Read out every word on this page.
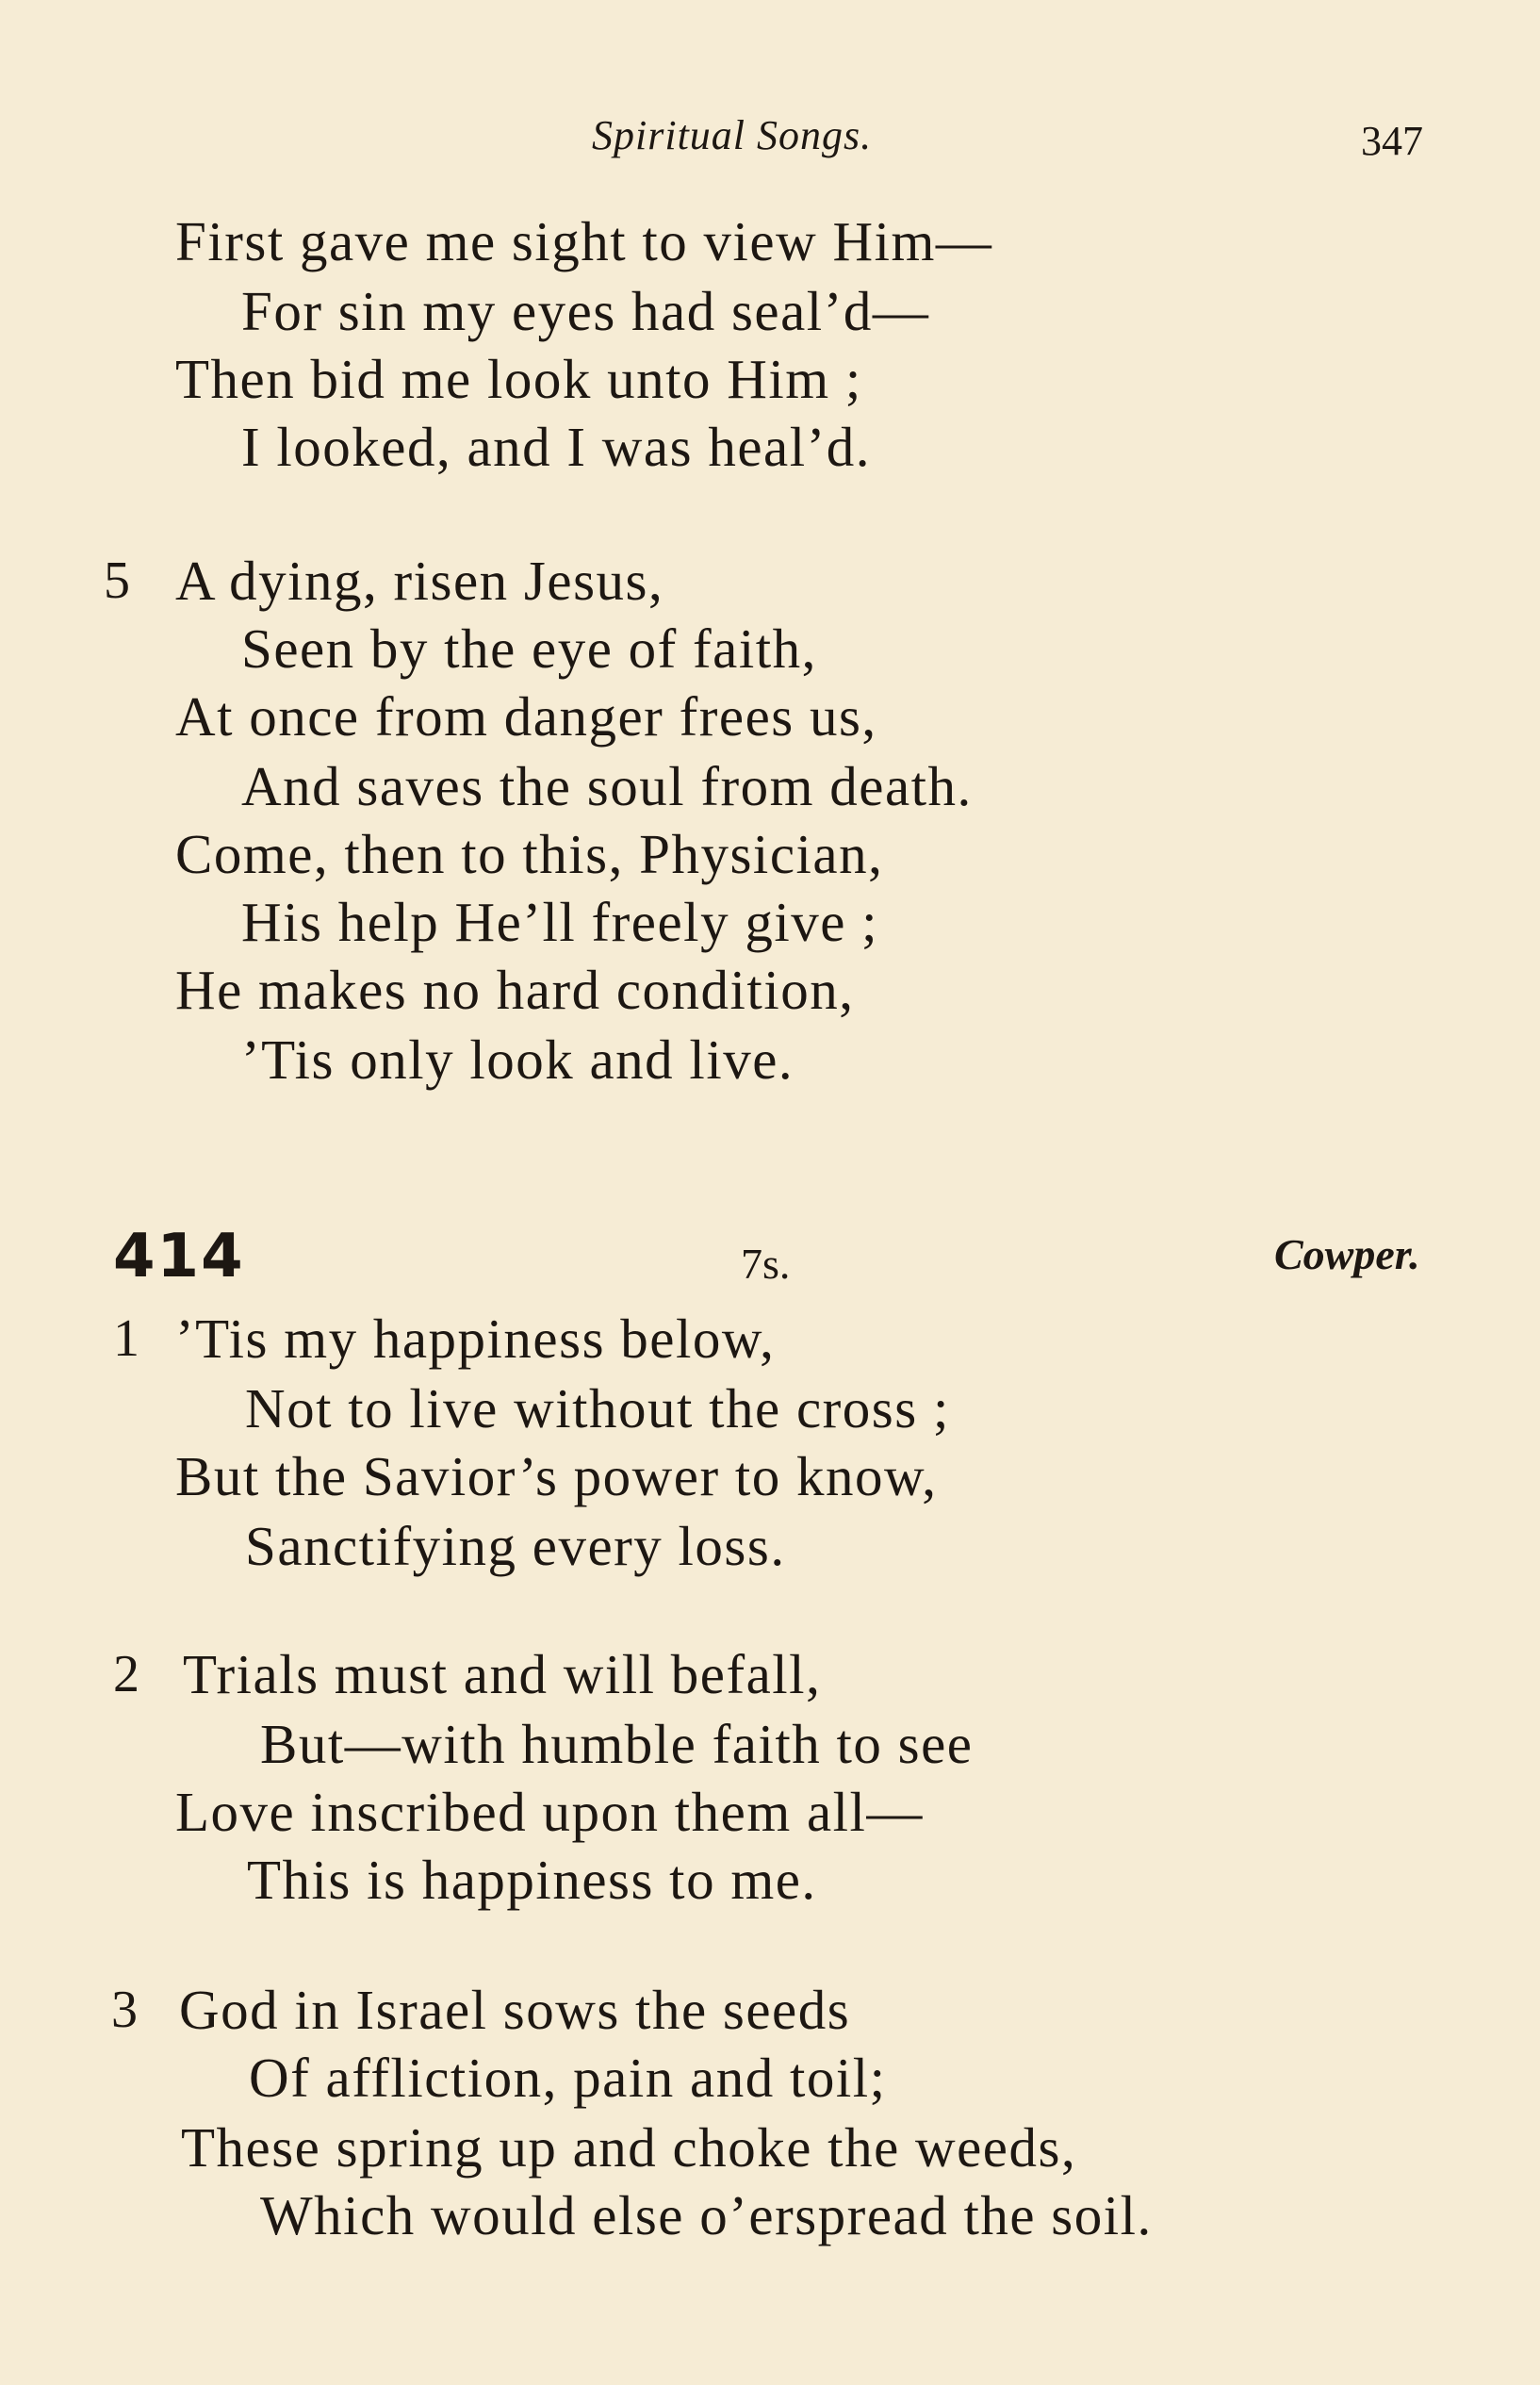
Spiritual Songs.	347
First gave me sight to view Him—
For sin my eyes had seal’d—
Then bid me look unto Him ;
I looked, and I was heal’d.
5 A dying, risen Jesus,
Seen by the eye of faith,
At once from danger frees us,
And saves the soul from death.
Come, then to this, Physician,
His help He’ll freely give ;
He makes no hard condition,
’Tis only look and live.
414	7s.	Cowper.
1 ’Tis my happiness below,
Not to live without the cross ;
But the Savior’s power to know,
Sanctifying every loss.
2 Trials must and will befall,
But—with humble faith to see
Love inscribed upon them all—
This is happiness to me.
3 God in Israel sows the seeds
Of affliction, pain and toil;
These spring up and choke the weeds,
Which would else o’erspread the soil.
